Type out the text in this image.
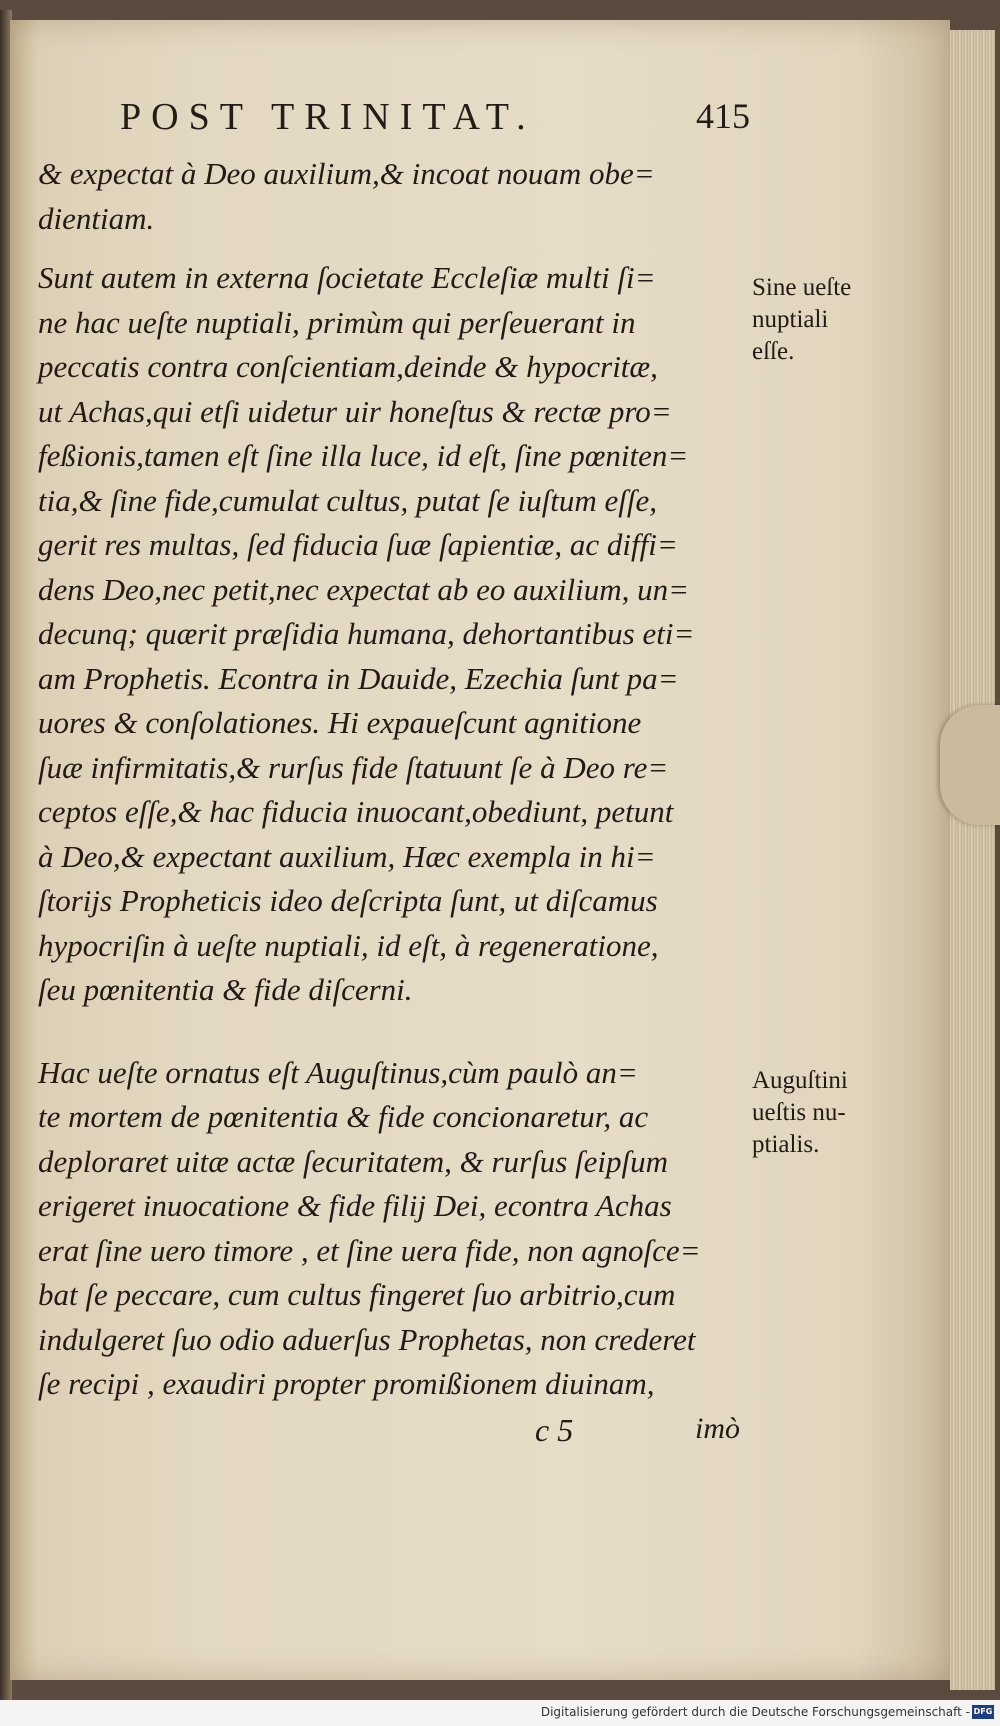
POST TRINITAT.	415
& expectat à Deo auxilium,& incoat nouam obe=
dientiam.
Sunt autem in externa ſocietate Eccleſiæ multi ſi=
ne hac ueſte nuptiali, primùm qui perſeuerant in
peccatis contra conſcientiam,deinde & hypocritæ,
ut Achas,qui etſi uidetur uir honeſtus & rectæ pro=
feßionis,tamen eſt ſine illa luce, id eſt, ſine pœniten=
tia,& ſine fide,cumulat cultus, putat ſe iuſtum eſſe,
gerit res multas, ſed fiducia ſuæ ſapientiæ, ac diffi=
dens Deo,nec petit,nec expectat ab eo auxilium, un=
decunq; quærit præſidia humana, dehortantibus eti=
am Prophetis. Econtra in Dauide, Ezechia ſunt pa=
uores & conſolationes. Hi expaueſcunt agnitione
ſuæ infirmitatis,& rurſus fide ſtatuunt ſe à Deo re=
ceptos eſſe,& hac fiducia inuocant,obediunt, petunt
à Deo,& expectant auxilium, Hæc exempla in hi=
ſtorijs Propheticis ideo deſcripta ſunt, ut diſcamus
hypocriſin à ueſte nuptiali, id eſt, à regeneratione,
ſeu pœnitentia & fide diſcerni.
Hac ueſte ornatus eſt Auguſtinus,cùm paulò an=
te mortem de pœnitentia & fide concionaretur, ac
deploraret uitæ actæ ſecuritatem, & rurſus ſeipſum
erigeret inuocatione & fide filij Dei, econtra Achas
erat ſine uero timore , et ſine uera fide, non agnoſce=
bat ſe peccare, cum cultus fingeret ſuo arbitrio,cum
indulgeret ſuo odio aduerſus Prophetas, non crederet
ſe recipi , exaudiri propter promißionem diuinam,
Sine ueſte
nuptiali
eſſe.
Auguſtini
ueſtis nu-
ptialis.
c 5	imò
Digitalisierung gefördert durch die Deutsche Forschungsgemeinschaft - DFG
